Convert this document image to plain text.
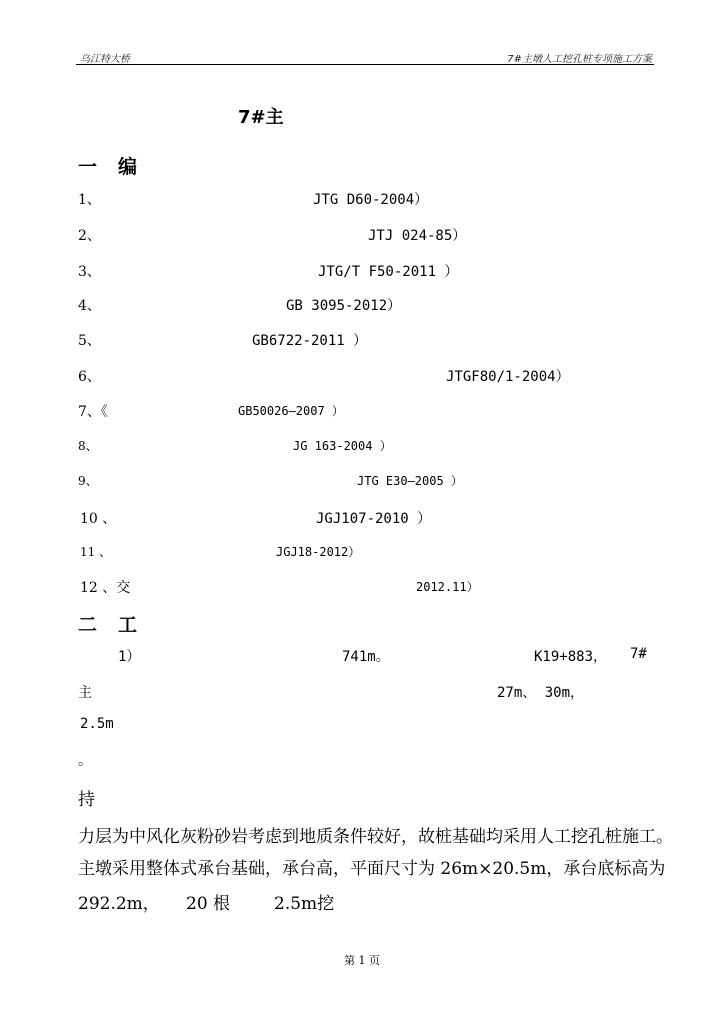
乌江特大桥	7#主墩人工挖孔桩专项施工方案
7#主
一 编
1、	JTG D60-2004）
2、	JTJ 024-85）
3、	JTG/T F50-2011 ）
4、	GB 3095-2012）
5、	GB6722-2011 ）
6、	JTGF80/1-2004）
7、《	GB50026—2007 ）
8、	JG 163-2004 ）
9、	JTG E30—2005 ）
10 、	JGJ107-2010 ）
11 、	JGJ18-2012）
12 、交	2012.11）
二 工
1）	741m。	K19+883， 7#
主	27m、 30m，
2.5m
。
持
力层为中风化灰粉砂岩考虑到地质条件较好，故桩基础均采用人工挖孔桩施工。
主墩采用整体式承台基础，承台高，平面尺寸为 26m×20.5m，承台底标高为
292.2m， 20 根	2.5m挖
第 1 页
